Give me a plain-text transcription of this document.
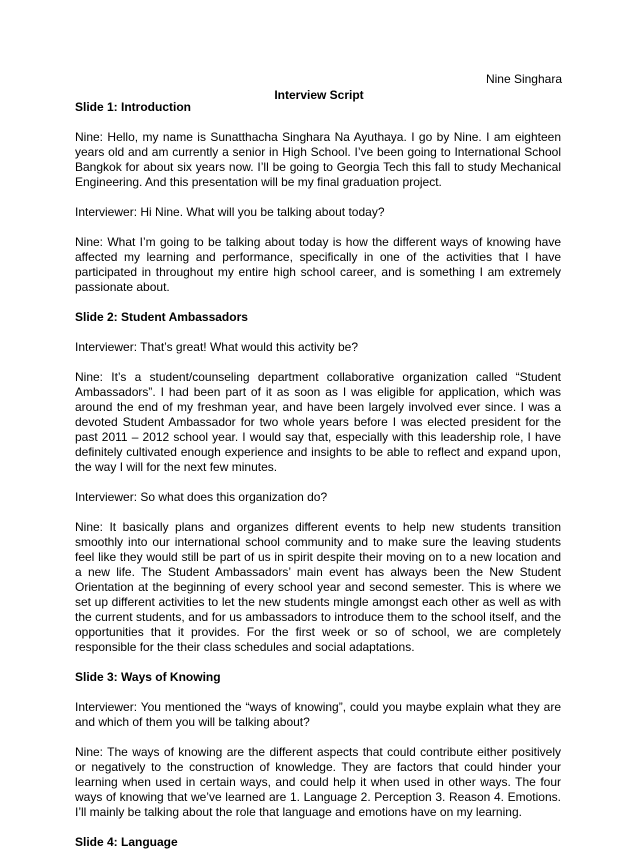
Nine Singhara
Interview Script

Slide 1: Introduction

Nine: Hello, my name is Sunatthacha Singhara Na Ayuthaya. I go by Nine. I am eighteen years old and am currently a senior in High School. I’ve been going to International School Bangkok for about six years now. I’ll be going to Georgia Tech this fall to study Mechanical Engineering. And this presentation will be my final graduation project.

Interviewer: Hi Nine. What will you be talking about today?

Nine: What I’m going to be talking about today is how the different ways of knowing have affected my learning and performance, specifically in one of the activities that I have participated in throughout my entire high school career, and is something I am extremely passionate about.

Slide 2: Student Ambassadors

Interviewer: That’s great! What would this activity be?

Nine: It’s a student/counseling department collaborative organization called “Student Ambassadors”. I had been part of it as soon as I was eligible for application, which was around the end of my freshman year, and have been largely involved ever since. I was a devoted Student Ambassador for two whole years before I was elected president for the past 2011 – 2012 school year. I would say that, especially with this leadership role, I have definitely cultivated enough experience and insights to be able to reflect and expand upon, the way I will for the next few minutes.

Interviewer: So what does this organization do?

Nine: It basically plans and organizes different events to help new students transition smoothly into our international school community and to make sure the leaving students feel like they would still be part of us in spirit despite their moving on to a new location and a new life. The Student Ambassadors’ main event has always been the New Student Orientation at the beginning of every school year and second semester. This is where we set up different activities to let the new students mingle amongst each other as well as with the current students, and for us ambassadors to introduce them to the school itself, and the opportunities that it provides. For the first week or so of school, we are completely responsible for the their class schedules and social adaptations.

Slide 3: Ways of Knowing

Interviewer: You mentioned the “ways of knowing”, could you maybe explain what they are and which of them you will be talking about?

Nine: The ways of knowing are the different aspects that could contribute either positively or negatively to the construction of knowledge. They are factors that could hinder your learning when used in certain ways, and could help it when used in other ways. The four ways of knowing that we’ve learned are 1. Language 2. Perception 3. Reason 4. Emotions. I’ll mainly be talking about the role that language and emotions have on my learning.

Slide 4: Language
